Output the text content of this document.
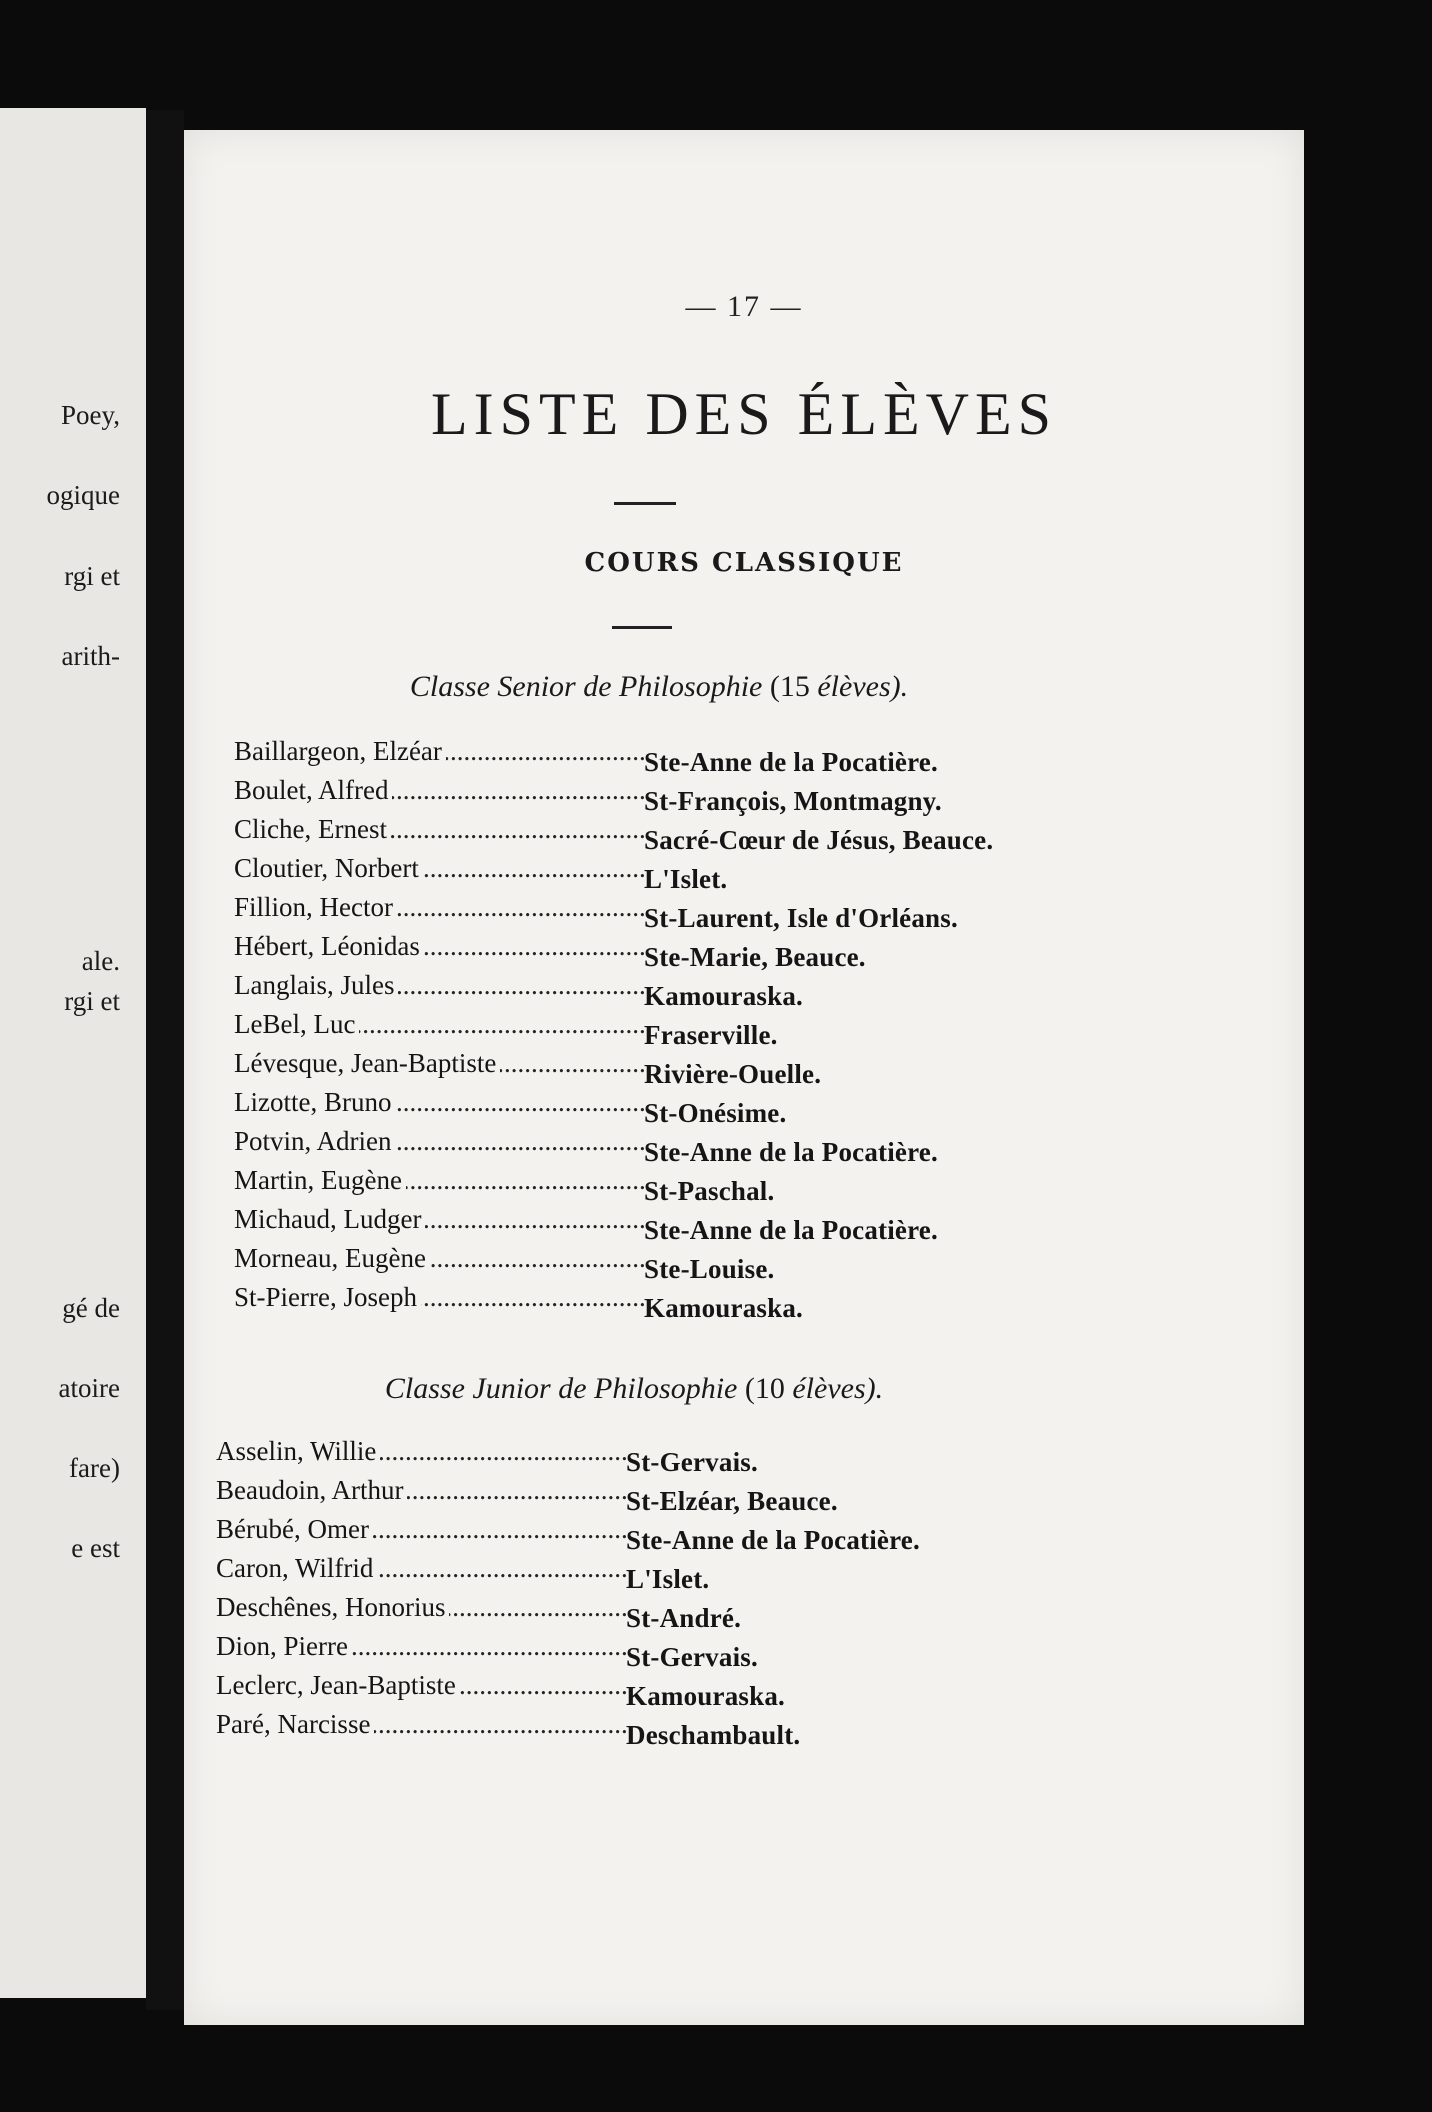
Poey,
ogique
rgi et
arith-
ale.
rgi et
gé de
atoire
fare)
e est
— 17 —
LISTE DES ÉLÈVES
COURS CLASSIQUE
Classe Senior de Philosophie (15 élèves).
Baillargeon, Elzéar .....	Ste-Anne de la Pocatière.
Boulet, Alfred .....	St-François, Montmagny.
Cliche, Ernest .....	Sacré-Cœur de Jésus, Beauce.
Cloutier, Norbert .....	L'Islet.
Fillion, Hector .....	St-Laurent, Isle d'Orléans.
Hébert, Léonidas .....	Ste-Marie, Beauce.
Langlais, Jules .....	Kamouraska.
LeBel, Luc .....	Fraserville.
Lévesque, Jean-Baptiste .....	Rivière-Ouelle.
Lizotte, Bruno .....	St-Onésime.
Potvin, Adrien .....	Ste-Anne de la Pocatière.
Martin, Eugène .....	St-Paschal.
Michaud, Ludger .....	Ste-Anne de la Pocatière.
Morneau, Eugène .....	Ste-Louise.
St-Pierre, Joseph .....	Kamouraska.
Classe Junior de Philosophie (10 élèves).
Asselin, Willie .....	St-Gervais.
Beaudoin, Arthur .....	St-Elzéar, Beauce.
Bérubé, Omer .....	Ste-Anne de la Pocatière.
Caron, Wilfrid .....	L'Islet.
Deschênes, Honorius .....	St-André.
Dion, Pierre .....	St-Gervais.
Leclerc, Jean-Baptiste .....	Kamouraska.
Paré, Narcisse .....	Deschambault.
